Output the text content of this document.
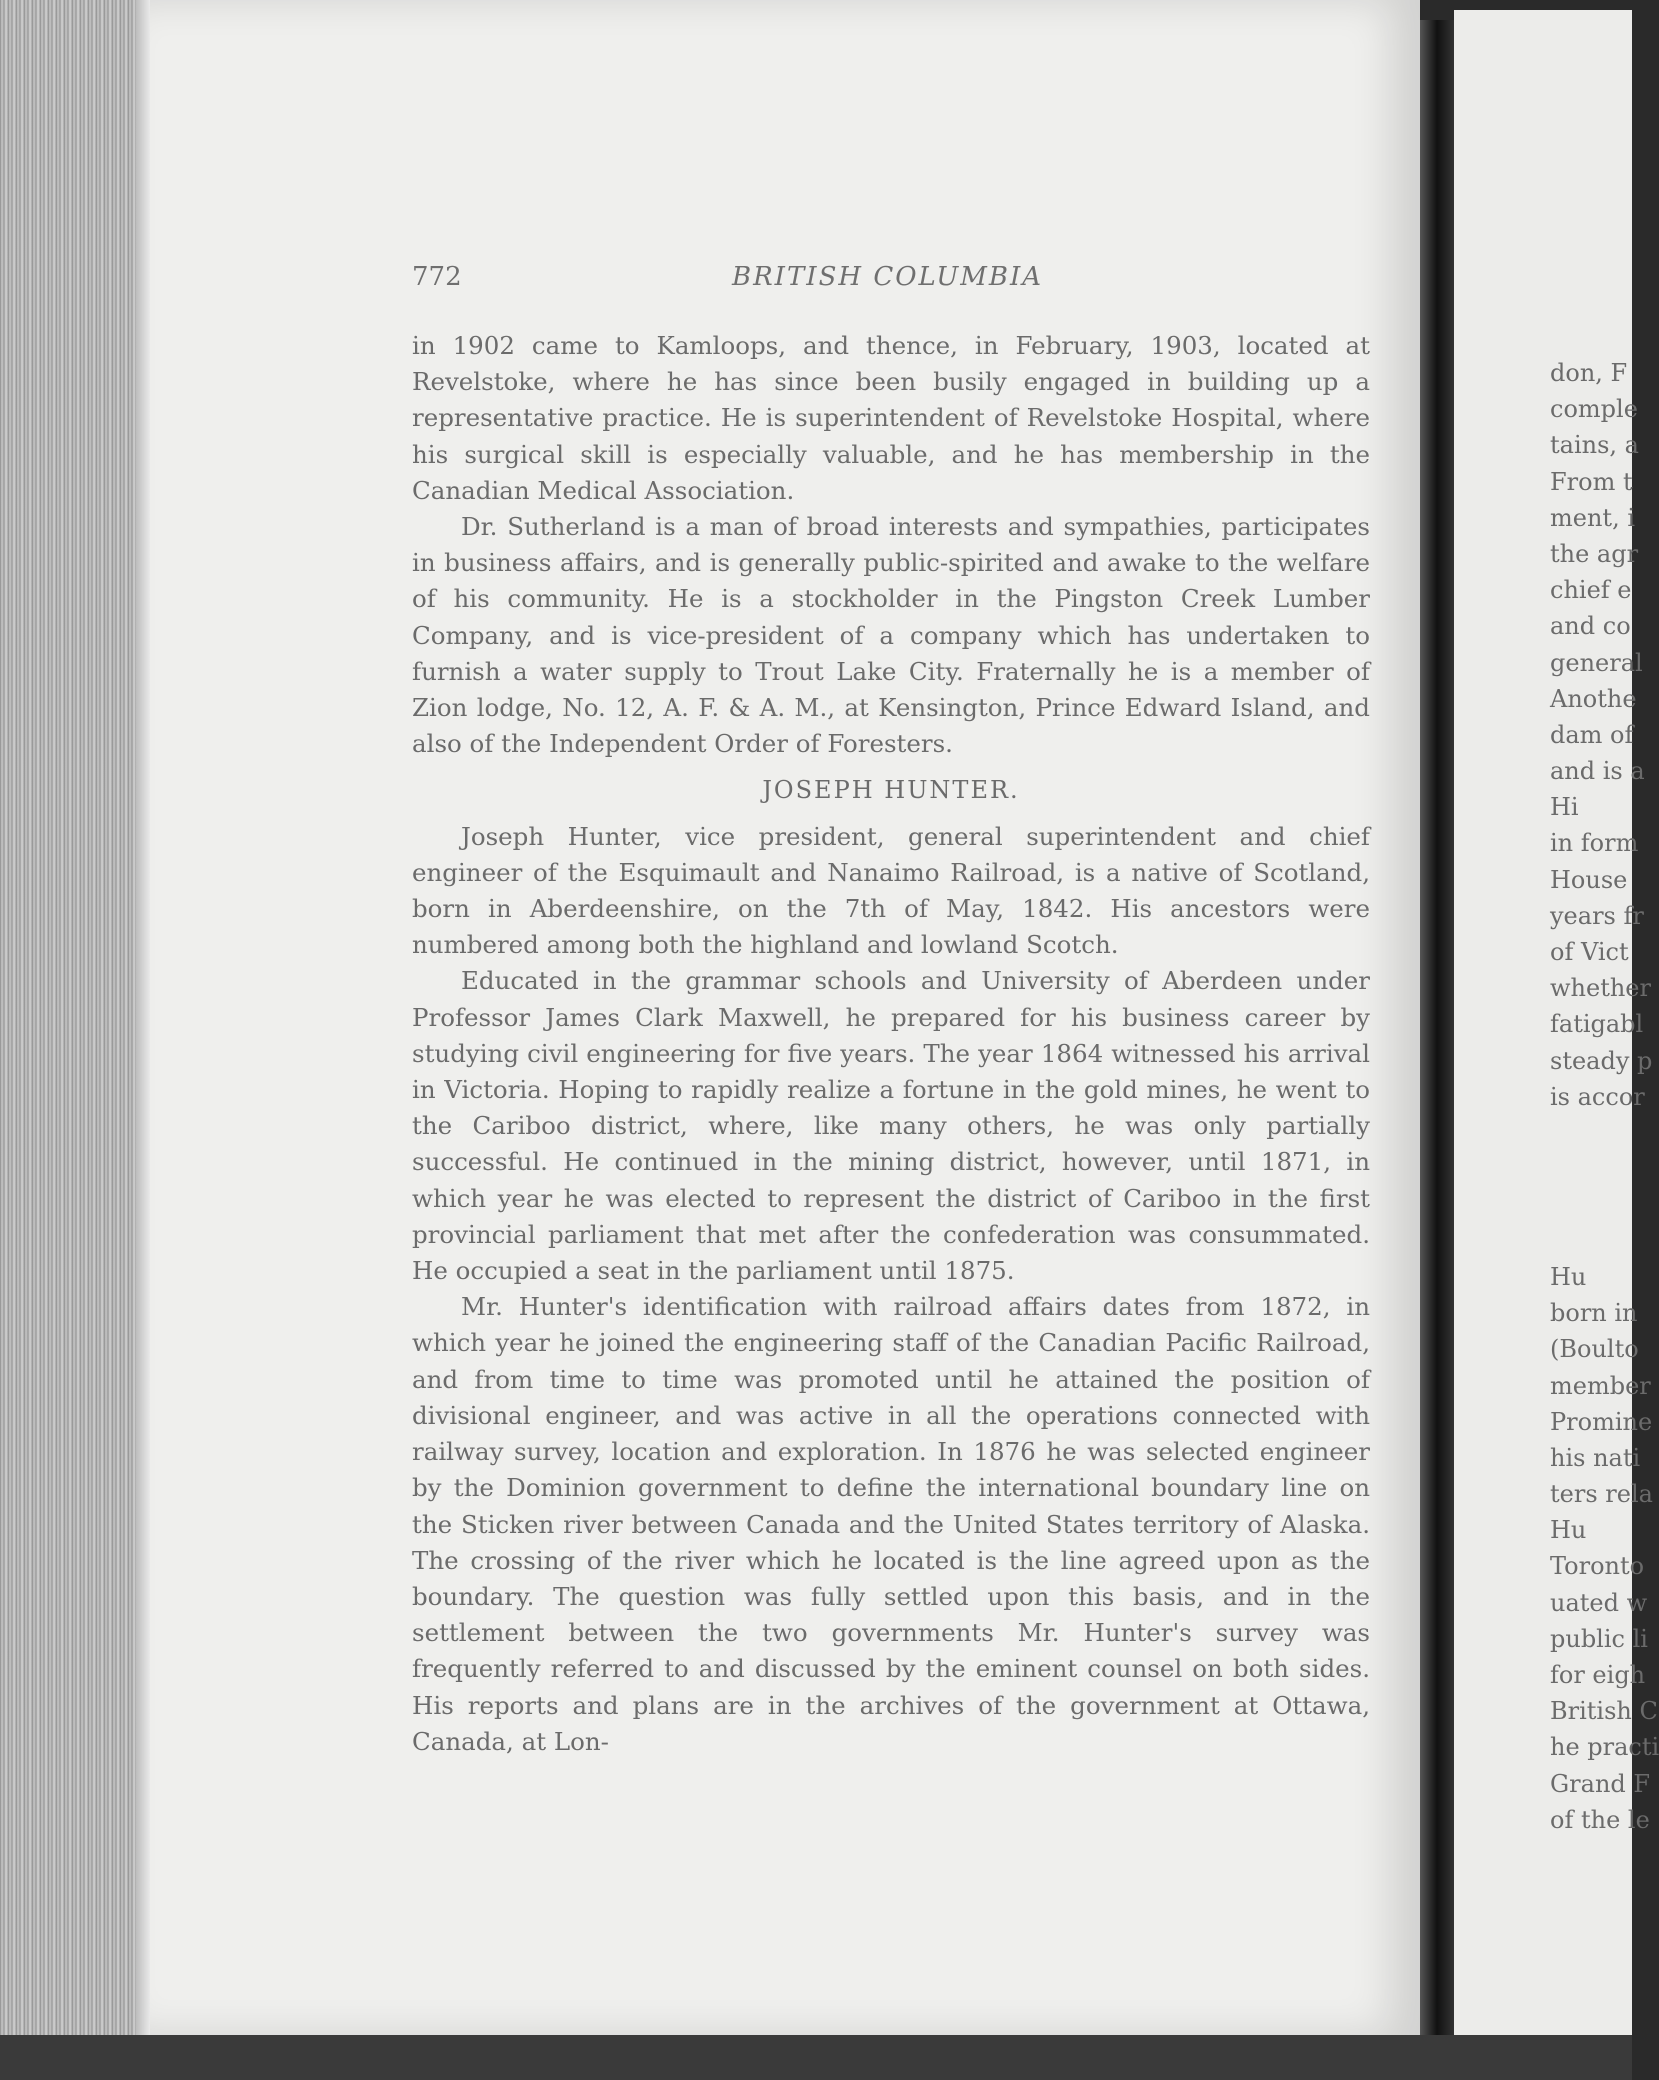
772	BRITISH COLUMBIA

in 1902 came to Kamloops, and thence, in February, 1903, located at Revelstoke, where he has since been busily engaged in building up a representative practice. He is superintendent of Revelstoke Hospital, where his surgical skill is especially valuable, and he has membership in the Canadian Medical Association.

Dr. Sutherland is a man of broad interests and sympathies, participates in business affairs, and is generally public-spirited and awake to the welfare of his community. He is a stockholder in the Pingston Creek Lumber Company, and is vice-president of a company which has undertaken to furnish a water supply to Trout Lake City. Fraternally he is a member of Zion lodge, No. 12, A. F. & A. M., at Kensington, Prince Edward Island, and also of the Independent Order of Foresters.

JOSEPH HUNTER.

Joseph Hunter, vice president, general superintendent and chief engineer of the Esquimault and Nanaimo Railroad, is a native of Scotland, born in Aberdeenshire, on the 7th of May, 1842. His ancestors were numbered among both the highland and lowland Scotch.

Educated in the grammar schools and University of Aberdeen under Professor James Clark Maxwell, he prepared for his business career by studying civil engineering for five years. The year 1864 witnessed his arrival in Victoria. Hoping to rapidly realize a fortune in the gold mines, he went to the Cariboo district, where, like many others, he was only partially successful. He continued in the mining district, however, until 1871, in which year he was elected to represent the district of Cariboo in the first provincial parliament that met after the confederation was consummated. He occupied a seat in the parliament until 1875.

Mr. Hunter's identification with railroad affairs dates from 1872, in which year he joined the engineering staff of the Canadian Pacific Railroad, and from time to time was promoted until he attained the position of divisional engineer, and was active in all the operations connected with railway survey, location and exploration. In 1876 he was selected engineer by the Dominion government to define the international boundary line on the Sticken river between Canada and the United States territory of Alaska. The crossing of the river which he located is the line agreed upon as the boundary. The question was fully settled upon this basis, and in the settlement between the two governments Mr. Hunter's survey was frequently referred to and discussed by the eminent counsel on both sides. His reports and plans are in the archives of the government at Ottawa, Canada, at Lon-

don, F
comple
tains, a
From t
ment, i
the agr
chief e
and co
general
Anothe
dam of
and is a
Hi
in form
House
years fr
of Vict
whether
fatigabl
steady p
is accor
Hu
born in
(Boulto
member
Promine
his nati
ters rela
Hu
Toronto
uated w
public li
for eigh
British C
he practi
Grand F
of the le
